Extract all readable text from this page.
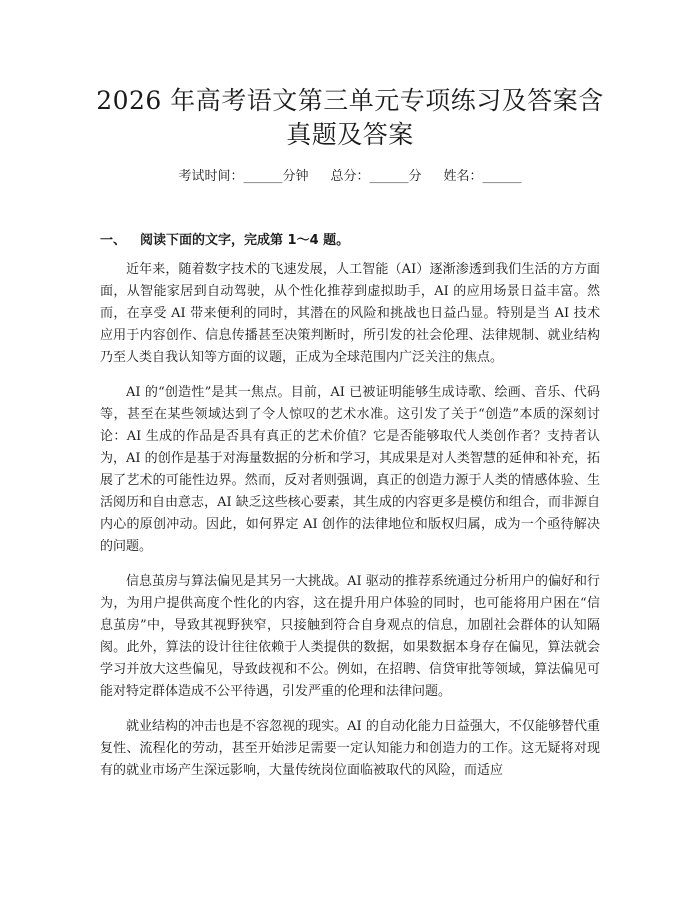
2026 年高考语文第三单元专项练习及答案含
真题及答案
考试时间：______分钟 总分：______分 姓名：______
一、 阅读下面的文字，完成第 1～4 题。

近年来，随着数字技术的飞速发展，人工智能（AI）逐渐渗透到我们生活的方方面面，从智能家居到自动驾驶，从个性化推荐到虚拟助手，AI 的应用场景日益丰富。然而，在享受 AI 带来便利的同时，其潜在的风险和挑战也日益凸显。特别是当 AI 技术应用于内容创作、信息传播甚至决策判断时，所引发的社会伦理、法律规制、就业结构乃至人类自我认知等方面的议题，正成为全球范围内广泛关注的焦点。

AI 的“创造性”是其一焦点。目前，AI 已被证明能够生成诗歌、绘画、音乐、代码等，甚至在某些领域达到了令人惊叹的艺术水准。这引发了关于“创造”本质的深刻讨论：AI 生成的作品是否具有真正的艺术价值？它是否能够取代人类创作者？支持者认为，AI 的创作是基于对海量数据的分析和学习，其成果是对人类智慧的延伸和补充，拓展了艺术的可能性边界。然而，反对者则强调，真正的创造力源于人类的情感体验、生活阅历和自由意志，AI 缺乏这些核心要素，其生成的内容更多是模仿和组合，而非源自内心的原创冲动。因此，如何界定 AI 创作的法律地位和版权归属，成为一个亟待解决的问题。

信息茧房与算法偏见是其另一大挑战。AI 驱动的推荐系统通过分析用户的偏好和行为，为用户提供高度个性化的内容，这在提升用户体验的同时，也可能将用户困在“信息茧房”中，导致其视野狭窄，只接触到符合自身观点的信息，加剧社会群体的认知隔阂。此外，算法的设计往往依赖于人类提供的数据，如果数据本身存在偏见，算法就会学习并放大这些偏见，导致歧视和不公。例如，在招聘、信贷审批等领域，算法偏见可能对特定群体造成不公平待遇，引发严重的伦理和法律问题。

就业结构的冲击也是不容忽视的现实。AI 的自动化能力日益强大，不仅能够替代重复性、流程化的劳动，甚至开始涉足需要一定认知能力和创造力的工作。这无疑将对现有的就业市场产生深远影响，大量传统岗位面临被取代的风险，而适应
